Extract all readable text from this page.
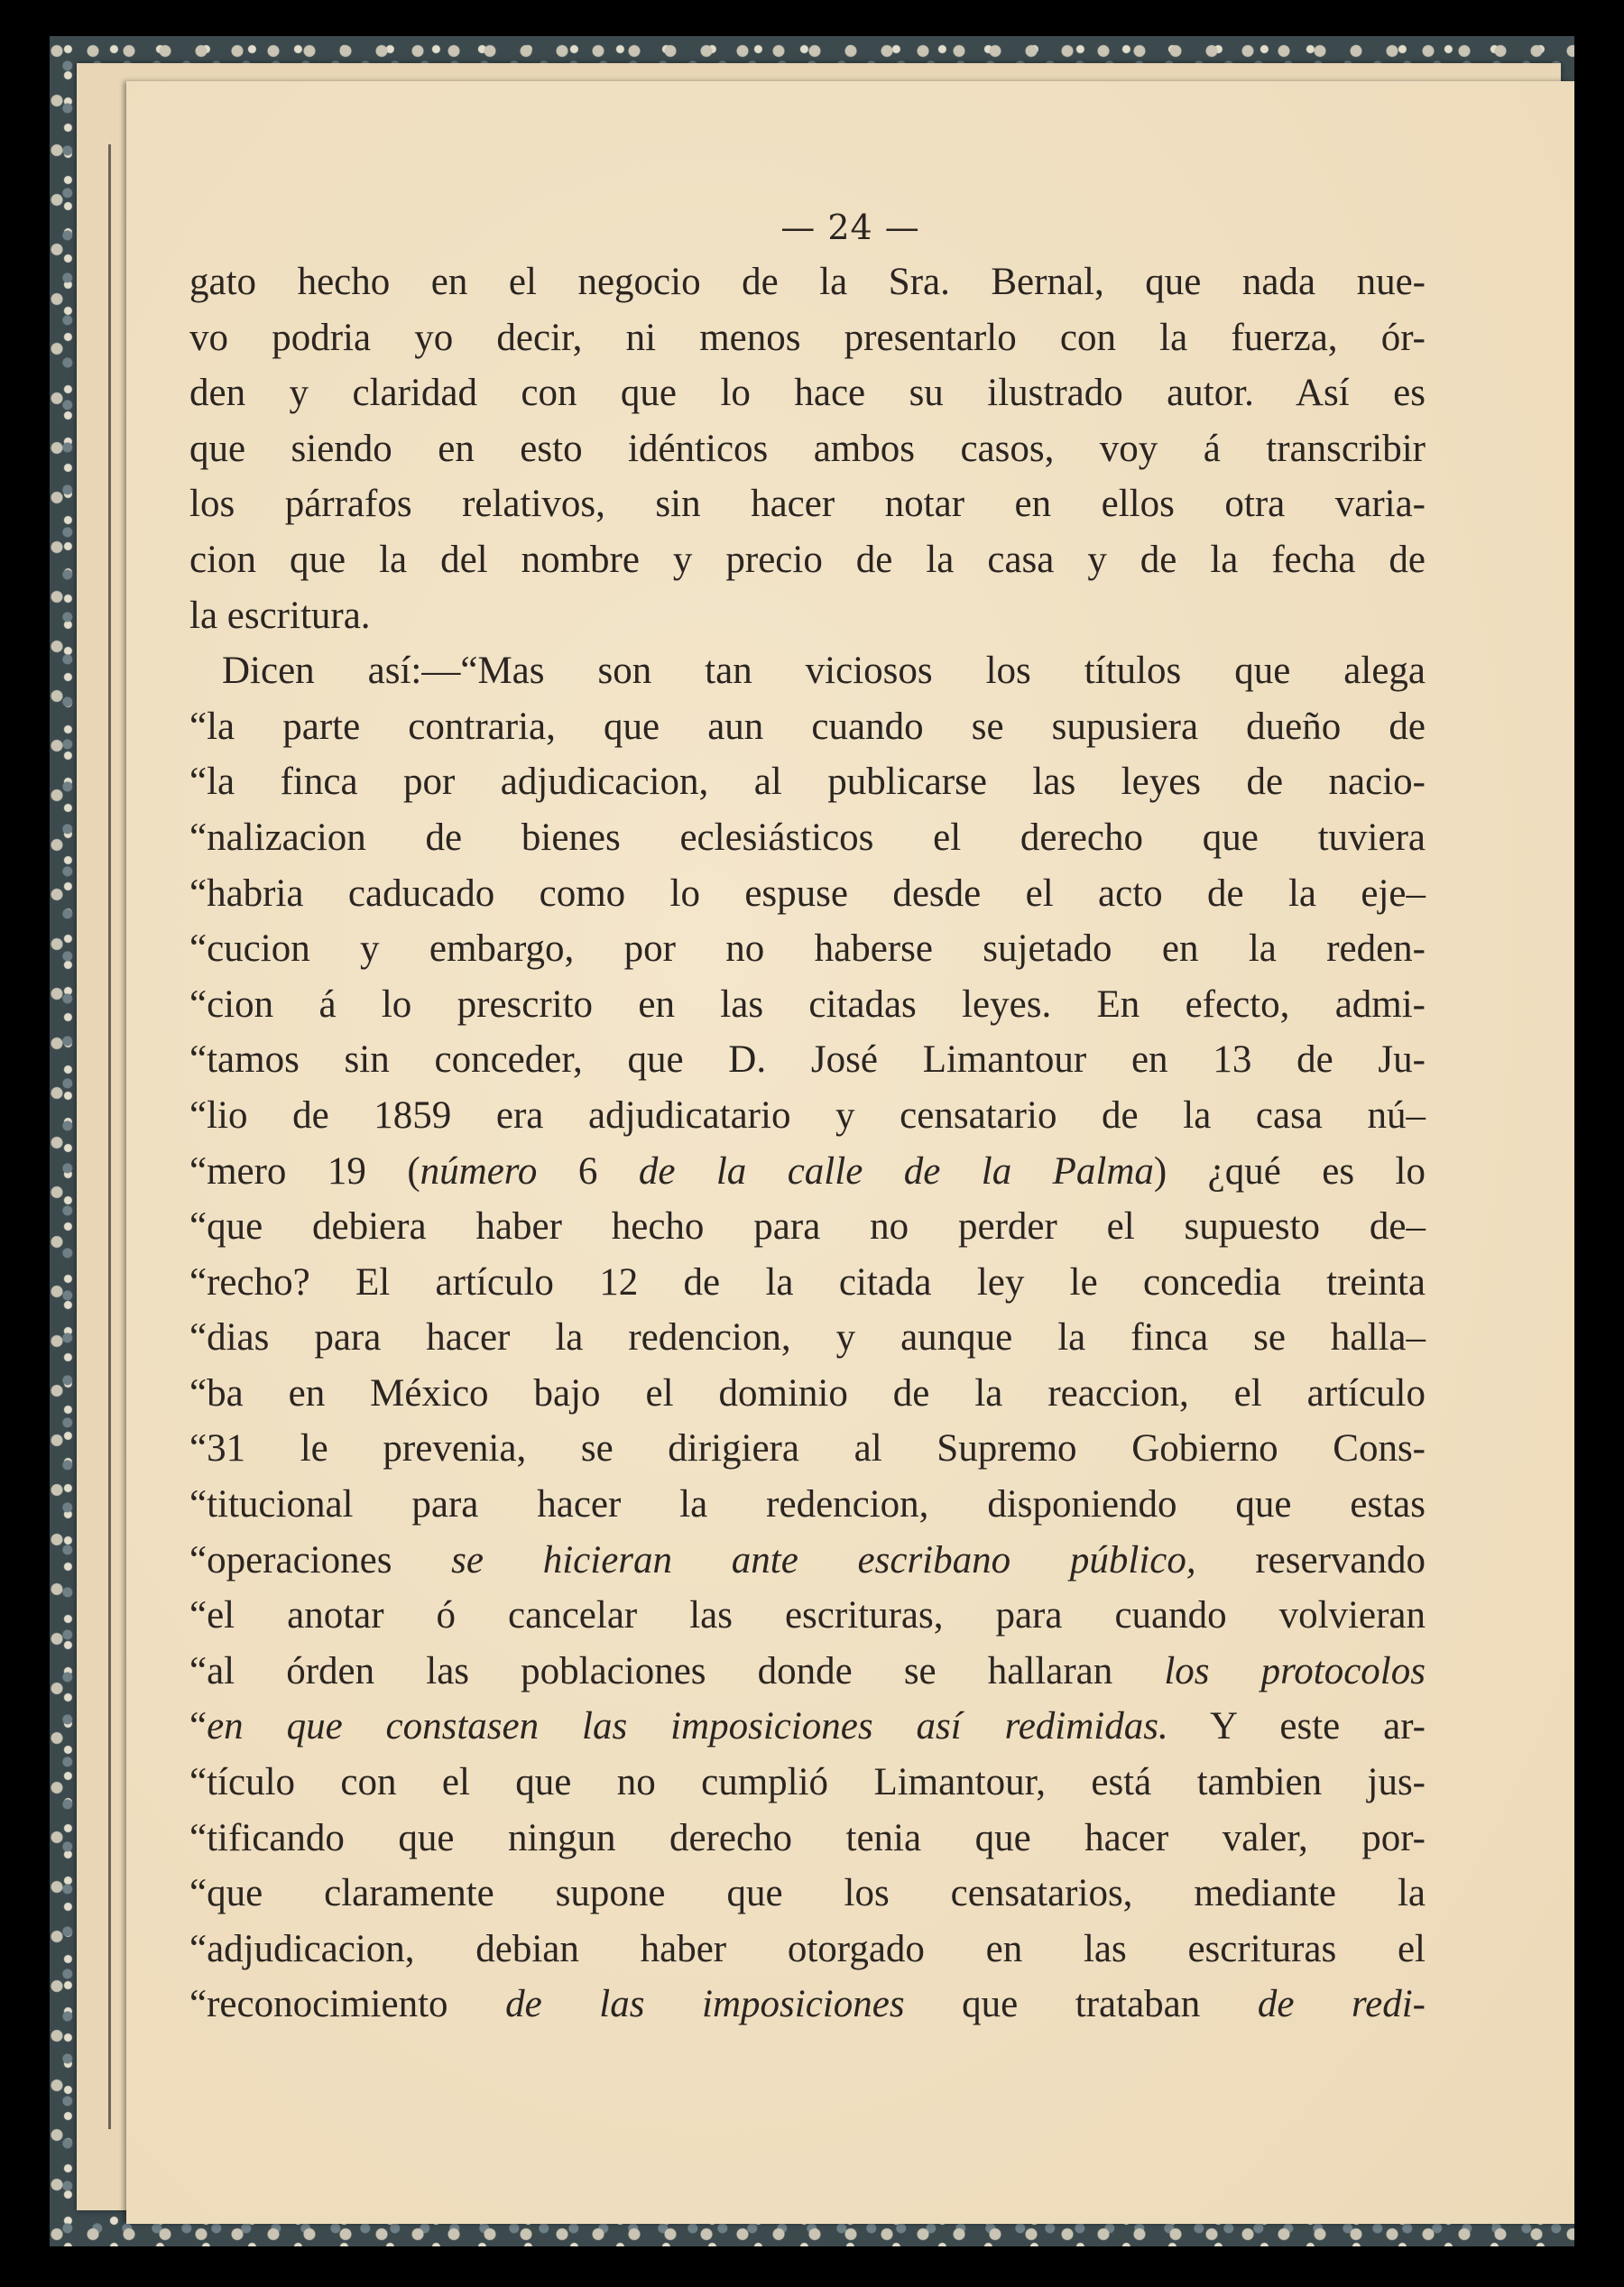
— 24 —
gato hecho en el negocio de la Sra. Bernal, que nada nue-
vo podria yo decir, ni menos presentarlo con la fuerza, ór-
den y claridad con que lo hace su ilustrado autor. Así es
que siendo en esto idénticos ambos casos, voy á transcribir
los párrafos relativos, sin hacer notar en ellos otra varia-
cion que la del nombre y precio de la casa y de la fecha de
la escritura.
Dicen así:—“Mas son tan viciosos los títulos que alega
“la parte contraria, que aun cuando se supusiera dueño de
“la finca por adjudicacion, al publicarse las leyes de nacio-
“nalizacion de bienes eclesiásticos el derecho que tuviera
“habria caducado como lo espuse desde el acto de la eje–
“cucion y embargo, por no haberse sujetado en la reden-
“cion á lo prescrito en las citadas leyes. En efecto, admi-
“tamos sin conceder, que D. José Limantour en 13 de Ju-
“lio de 1859 era adjudicatario y censatario de la casa nú–
“mero 19 (número 6 de la calle de la Palma) ¿qué es lo
“que debiera haber hecho para no perder el supuesto de–
“recho? El artículo 12 de la citada ley le concedia treinta
“dias para hacer la redencion, y aunque la finca se halla–
“ba en México bajo el dominio de la reaccion, el artículo
“31 le prevenia, se dirigiera al Supremo Gobierno Cons-
“titucional para hacer la redencion, disponiendo que estas
“operaciones se hicieran ante escribano público, reservando
“el anotar ó cancelar las escrituras, para cuando volvieran
“al órden las poblaciones donde se hallaran los protocolos
“en que constasen las imposiciones así redimidas. Y este ar-
“tículo con el que no cumplió Limantour, está tambien jus-
“tificando que ningun derecho tenia que hacer valer, por-
“que claramente supone que los censatarios, mediante la
“adjudicacion, debian haber otorgado en las escrituras el
“reconocimiento de las imposiciones que trataban de redi-
